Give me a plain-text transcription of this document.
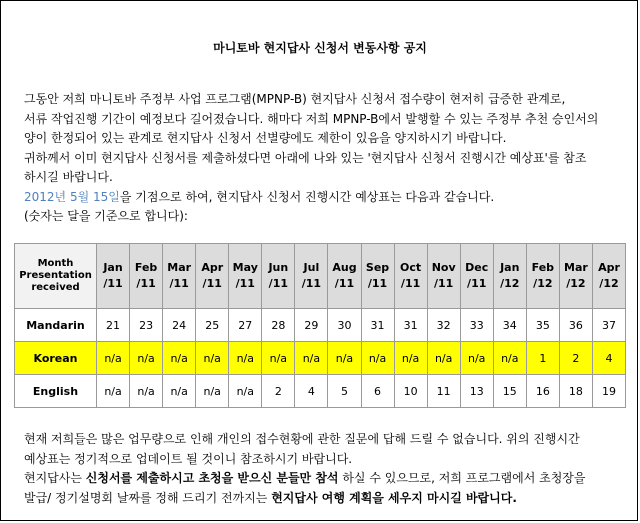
마니토바 현지답사 신청서 변동사항 공지

그동안 저희 마니토바 주정부 사업 프로그램(MPNP-B) 현지답사 신청서 접수량이 현저히 급증한 관계로,

서류 작업진행 기간이 예정보다 길어졌습니다. 해마다 저희 MPNP-B에서 발행할 수 있는 주정부 추천 승인서의

양이 한정되어 있는 관계로 현지답사 신청서 선별량에도 제한이 있음을 양지하시기 바랍니다.

귀하께서 이미 현지답사 신청서를 제출하셨다면 아래에 나와 있는 '현지답사 신청서 진행시간 예상표'를 참조

하시길 바랍니다.

2012년 5월 15일을 기점으로 하여, 현지답사 신청서 진행시간 예상표는 다음과 같습니다.

(숫자는 달을 기준으로 합니다):

Month
Presentation
received	Jan
/11	Feb
/11	Mar
/11	Apr
/11	May
/11	Jun
/11	Jul
/11	Aug
/11	Sep
/11	Oct
/11	Nov
/11	Dec
/11	Jan
/12	Feb
/12	Mar
/12	Apr
/12
Mandarin	21	23	24	25	27	28	29	30	31	31	32	33	34	35	36	37
Korean	n/a	n/a	n/a	n/a	n/a	n/a	n/a	n/a	n/a	n/a	n/a	n/a	n/a	1	2	4
English	n/a	n/a	n/a	n/a	n/a	2	4	5	6	10	11	13	15	16	18	19

현재 저희들은 많은 업무량으로 인해 개인의 접수현황에 관한 질문에 답해 드릴 수 없습니다. 위의 진행시간

예상표는 정기적으로 업데이트 될 것이니 참조하시기 바랍니다.

현지답사는 신청서를 제출하시고 초청을 받으신 분들만 참석 하실 수 있으므로, 저희 프로그램에서 초청장을

발급/ 정기설명회 날짜를 정해 드리기 전까지는 현지답사 여행 계획을 세우지 마시길 바랍니다.
